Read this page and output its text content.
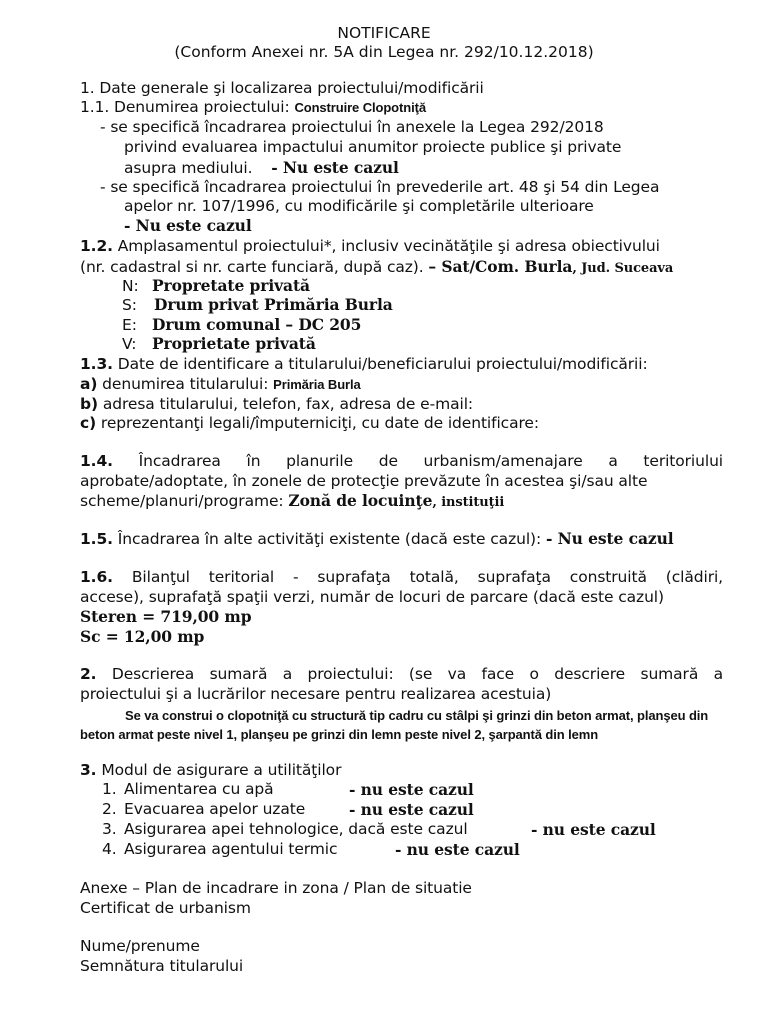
NOTIFICARE
(Conform Anexei nr. 5A din Legea nr. 292/10.12.2018)
1. Date generale şi localizarea proiectului/modificării
1.1. Denumirea proiectului: Construire Clopotniţă
- se specifică încadrarea proiectului în anexele la Legea 292/2018
privind evaluarea impactului anumitor proiecte publice şi private
asupra mediului. - Nu este cazul
- se specifică încadrarea proiectului în prevederile art. 48 şi 54 din Legea
apelor nr. 107/1996, cu modificările şi completările ulterioare
- Nu este cazul
1.2. Amplasamentul proiectului*, inclusiv vecinătăţile şi adresa obiectivului
(nr. cadastral si nr. carte funciară, după caz). – Sat/Com. Burla, Jud. Suceava
N: Propretate privată
S: Drum privat Primăria Burla
E: Drum comunal – DC 205
V: Proprietate privată
1.3. Date de identificare a titularului/beneficiarului proiectului/modificării:
a) denumirea titularului: Primăria Burla
b) adresa titularului, telefon, fax, adresa de e-mail:
c) reprezentanţi legali/împuterniciţi, cu date de identificare:
1.4. Încadrarea în planurile de urbanism/amenajare a teritoriului
aprobate/adoptate, în zonele de protecţie prevăzute în acestea şi/sau alte
scheme/planuri/programe: Zonă de locuinţe, instituţii
1.5. Încadrarea în alte activităţi existente (dacă este cazul): - Nu este cazul
1.6. Bilanţul teritorial - suprafaţa totală, suprafaţa construită (clădiri,
accese), suprafaţă spaţii verzi, număr de locuri de parcare (dacă este cazul)
Steren = 719,00 mp
Sc = 12,00 mp
2. Descrierea sumară a proiectului: (se va face o descriere sumară a
proiectului şi a lucrărilor necesare pentru realizarea acestuia)
Se va construi o clopotniţă cu structură tip cadru cu stâlpi şi grinzi din beton armat, planşeu din
beton armat peste nivel 1, planşeu pe grinzi din lemn peste nivel 2, şarpantă din lemn
3. Modul de asigurare a utilităţilor
1. Alimentarea cu apă	- nu este cazul
2. Evacuarea apelor uzate	- nu este cazul
3. Asigurarea apei tehnologice, dacă este cazul	- nu este cazul
4. Asigurarea agentului termic	- nu este cazul
Anexe – Plan de incadrare in zona / Plan de situatie
Certificat de urbanism
Nume/prenume
Semnătura titularului
